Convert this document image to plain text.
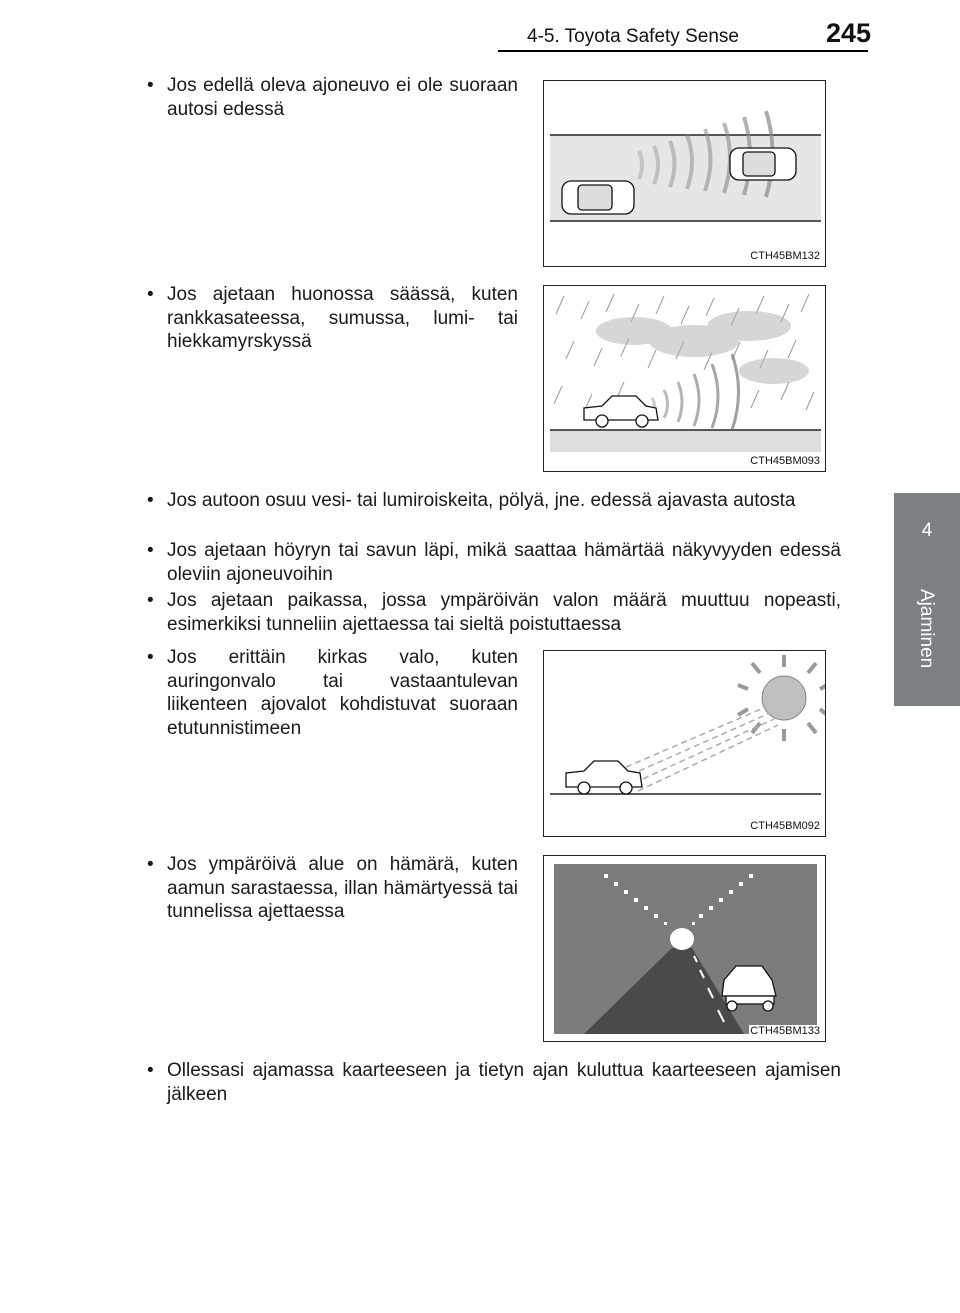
4-5. Toyota Safety Sense	245
4
Ajaminen
• Jos edellä oleva ajoneuvo ei ole suoraan autosi edessä
• Jos ajetaan huonossa säässä, kuten rankkasateessa, sumussa, lumi- tai hiekkamyrskyssä
• Jos autoon osuu vesi- tai lumiroiskeita, pölyä, jne. edessä ajavasta autosta
• Jos ajetaan höyryn tai savun läpi, mikä saattaa hämärtää näkyvyyden edessä oleviin ajoneuvoihin
• Jos ajetaan paikassa, jossa ympäröivän valon määrä muuttuu nopeasti, esimerkiksi tunneliin ajettaessa tai sieltä poistuttaessa
• Jos erittäin kirkas valo, kuten auringonvalo tai vastaantulevan liikenteen ajovalot kohdistuvat suoraan etutunnistimeen
• Jos ympäröivä alue on hämärä, kuten aamun sarastaessa, illan hämärtyessä tai tunnelissa ajettaessa
• Ollessasi ajamassa kaarteeseen ja tietyn ajan kuluttua kaarteeseen ajamisen jälkeen
CTH45BM132
CTH45BM093
CTH45BM092
CTH45BM133
